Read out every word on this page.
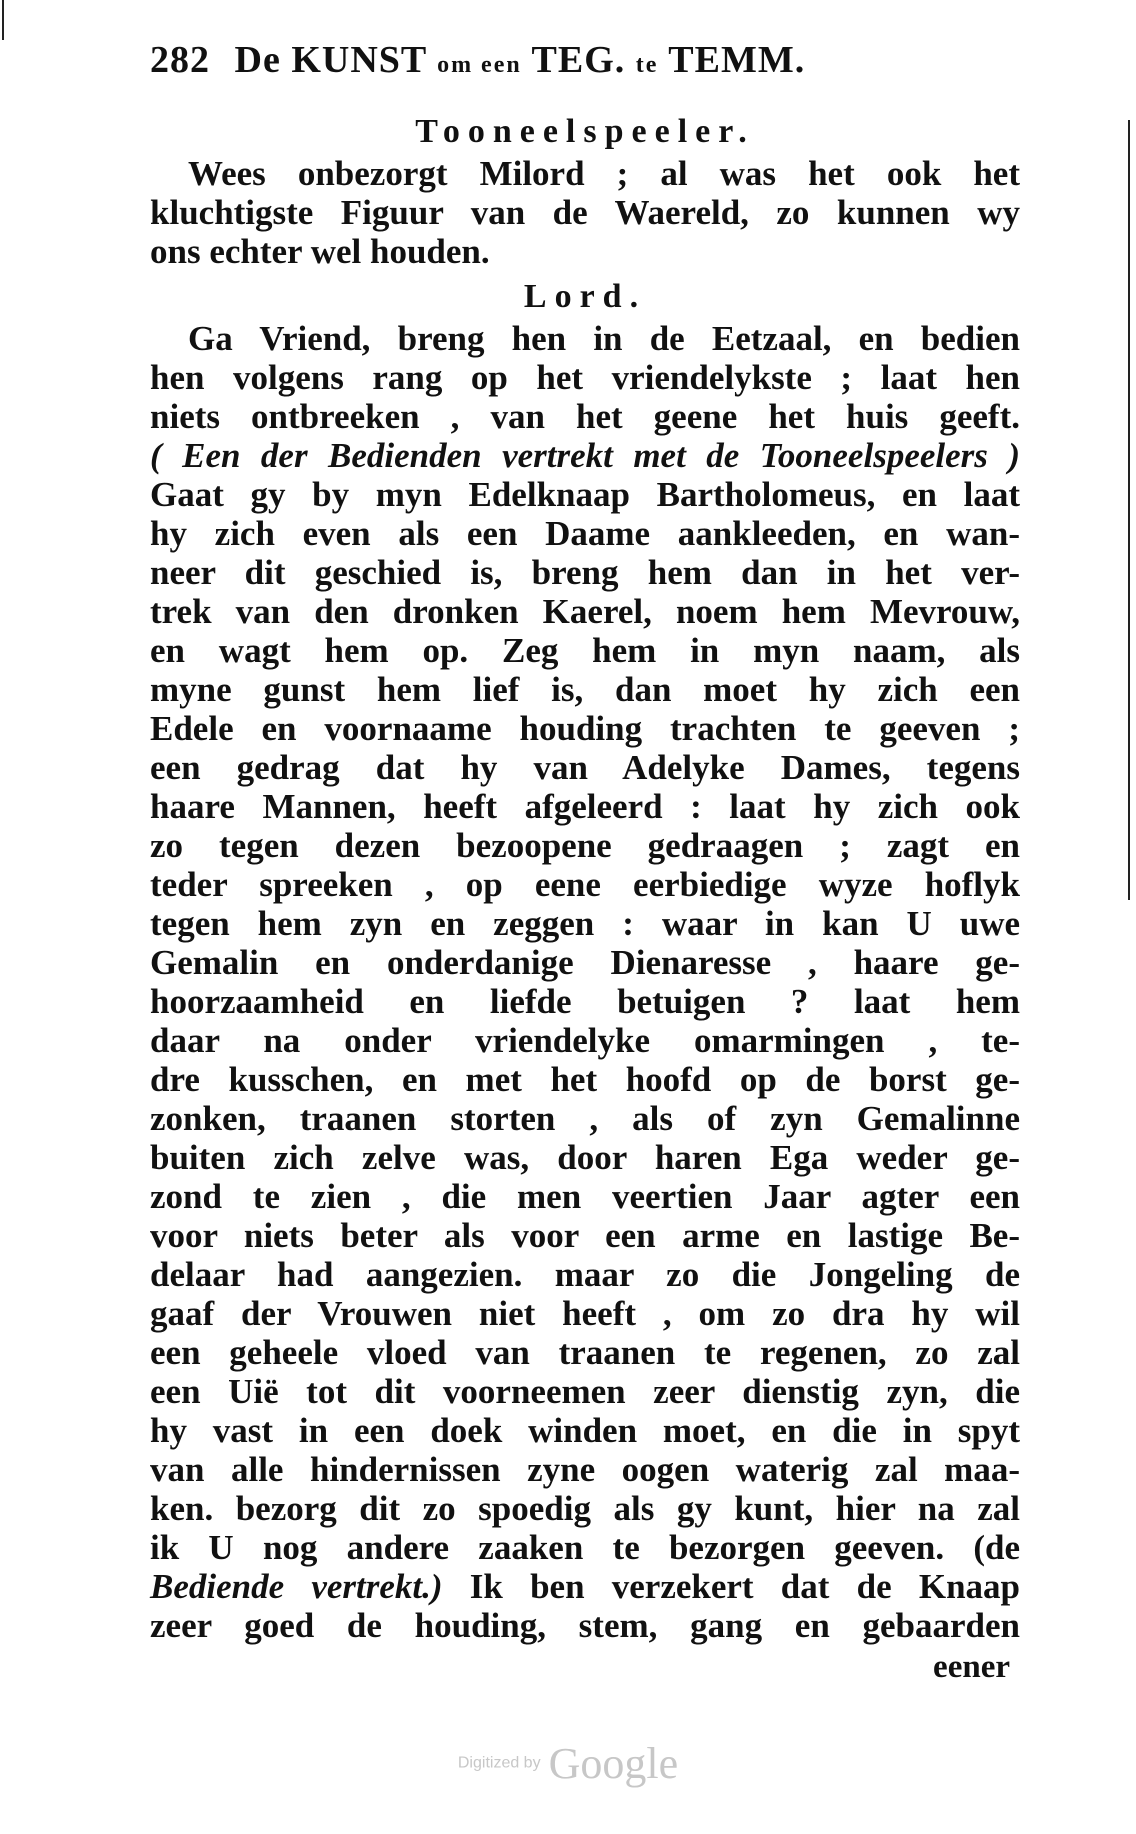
282 De KUNST om een TEG. te TEMM.
Tooneelspeeler.
Wees onbezorgt Milord ; al was het ook het
kluchtigste Figuur van de Waereld, zo kunnen wy
ons echter wel houden.
Lord.
Ga Vriend, breng hen in de Eetzaal, en bedien
hen volgens rang op het vriendelykste ; laat hen
niets ontbreeken , van het geene het huis geeft.
( Een der Bedienden vertrekt met de Tooneelspeelers )
Gaat gy by myn Edelknaap Bartholomeus, en laat
hy zich even als een Daame aankleeden, en wan-
neer dit geschied is, breng hem dan in het ver-
trek van den dronken Kaerel, noem hem Mevrouw,
en wagt hem op. Zeg hem in myn naam, als
myne gunst hem lief is, dan moet hy zich een
Edele en voornaame houding trachten te geeven ;
een gedrag dat hy van Adelyke Dames, tegens
haare Mannen, heeft afgeleerd : laat hy zich ook
zo tegen dezen bezoopene gedraagen ; zagt en
teder spreeken , op eene eerbiedige wyze hoflyk
tegen hem zyn en zeggen : waar in kan U uwe
Gemalin en onderdanige Dienaresse , haare ge-
hoorzaamheid en liefde betuigen ? laat hem
daar na onder vriendelyke omarmingen , te-
dre kusschen, en met het hoofd op de borst ge-
zonken, traanen storten , als of zyn Gemalinne
buiten zich zelve was, door haren Ega weder ge-
zond te zien , die men veertien Jaar agter een
voor niets beter als voor een arme en lastige Be-
delaar had aangezien. maar zo die Jongeling de
gaaf der Vrouwen niet heeft , om zo dra hy wil
een geheele vloed van traanen te regenen, zo zal
een Uië tot dit voorneemen zeer dienstig zyn, die
hy vast in een doek winden moet, en die in spyt
van alle hindernissen zyne oogen waterig zal maa-
ken. bezorg dit zo spoedig als gy kunt, hier na zal
ik U nog andere zaaken te bezorgen geeven. (de
Bediende vertrekt.) Ik ben verzekert dat de Knaap
zeer goed de houding, stem, gang en gebaarden
eener
Digitized by Google
